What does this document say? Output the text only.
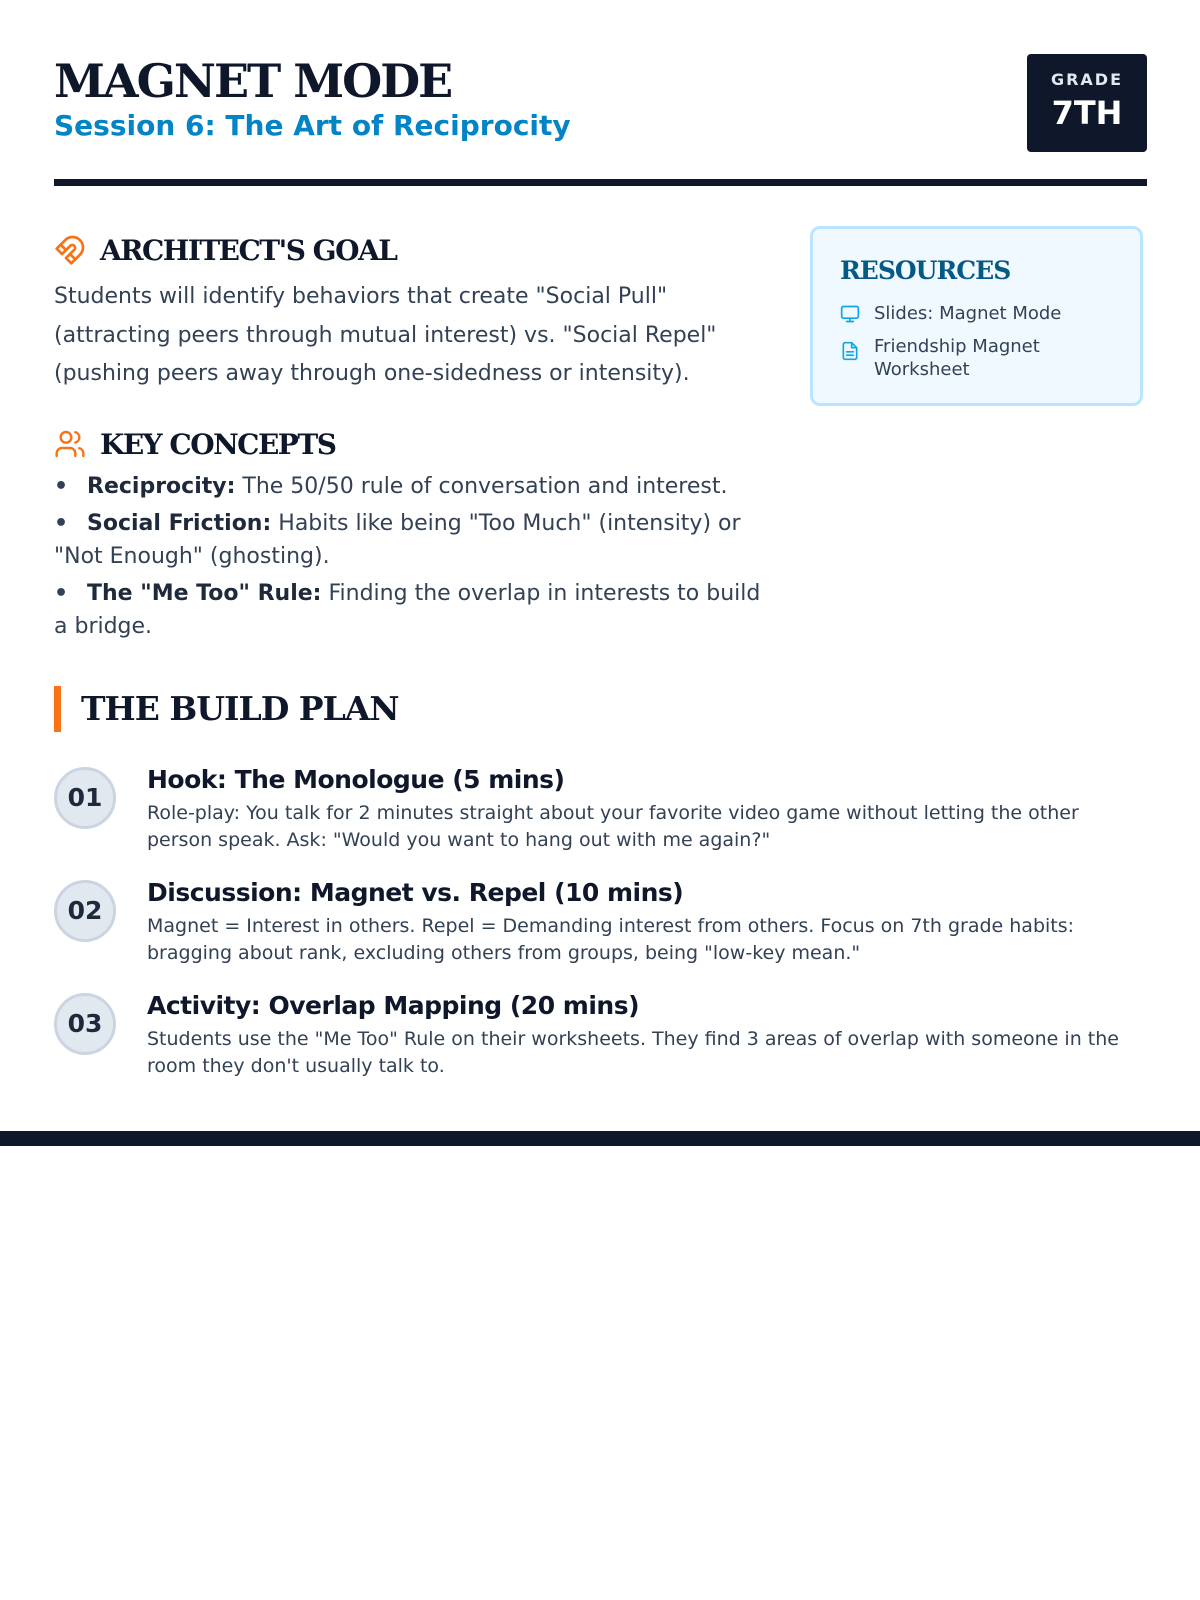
MAGNET MODE
Session 6: The Art of Reciprocity
GRADE
7TH
ARCHITECT'S GOAL

Students will identify behaviors that create "Social Pull" (attracting peers through mutual interest) vs. "Social Repel" (pushing peers away through one-sidedness or intensity).

KEY CONCEPTS
• Reciprocity: The 50/50 rule of conversation and interest.
• Social Friction: Habits like being "Too Much" (intensity) or "Not Enough" (ghosting).
• The "Me Too" Rule: Finding the overlap in interests to build a bridge.
RESOURCES
Slides: Magnet Mode
Friendship Magnet Worksheet
THE BUILD PLAN
01
Hook: The Monologue (5 mins)

Role-play: You talk for 2 minutes straight about your favorite video game without letting the other person speak. Ask: "Would you want to hang out with me again?"

02
Discussion: Magnet vs. Repel (10 mins)

Magnet = Interest in others. Repel = Demanding interest from others. Focus on 7th grade habits: bragging about rank, excluding others from groups, being "low-key mean."

03
Activity: Overlap Mapping (20 mins)

Students use the "Me Too" Rule on their worksheets. They find 3 areas of overlap with someone in the room they don't usually talk to.
